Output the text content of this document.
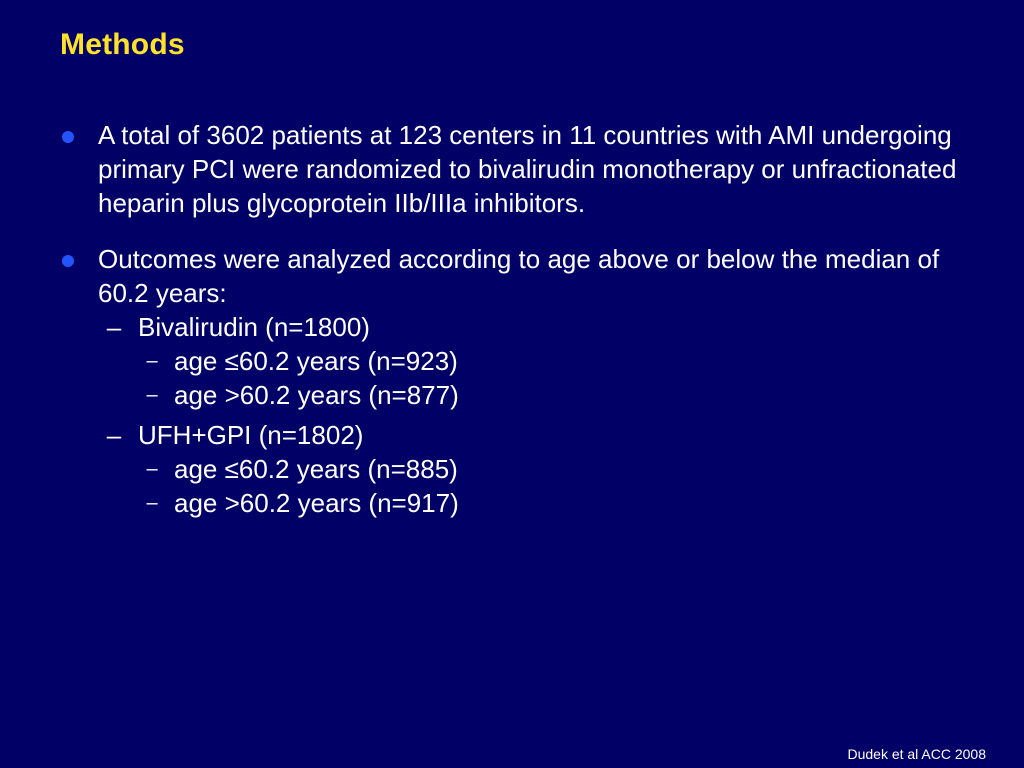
Methods
A total of 3602 patients at 123 centers in 11 countries with AMI undergoing primary PCI were randomized to bivalirudin monotherapy or unfractionated heparin plus glycoprotein IIb/IIIa inhibitors.
Outcomes were analyzed according to age above or below the median of 60.2 years:
– Bivalirudin (n=1800)
– age ≤60.2 years (n=923)
– age >60.2 years (n=877)
– UFH+GPI (n=1802)
– age ≤60.2 years (n=885)
– age >60.2 years (n=917)
Dudek et al ACC 2008
